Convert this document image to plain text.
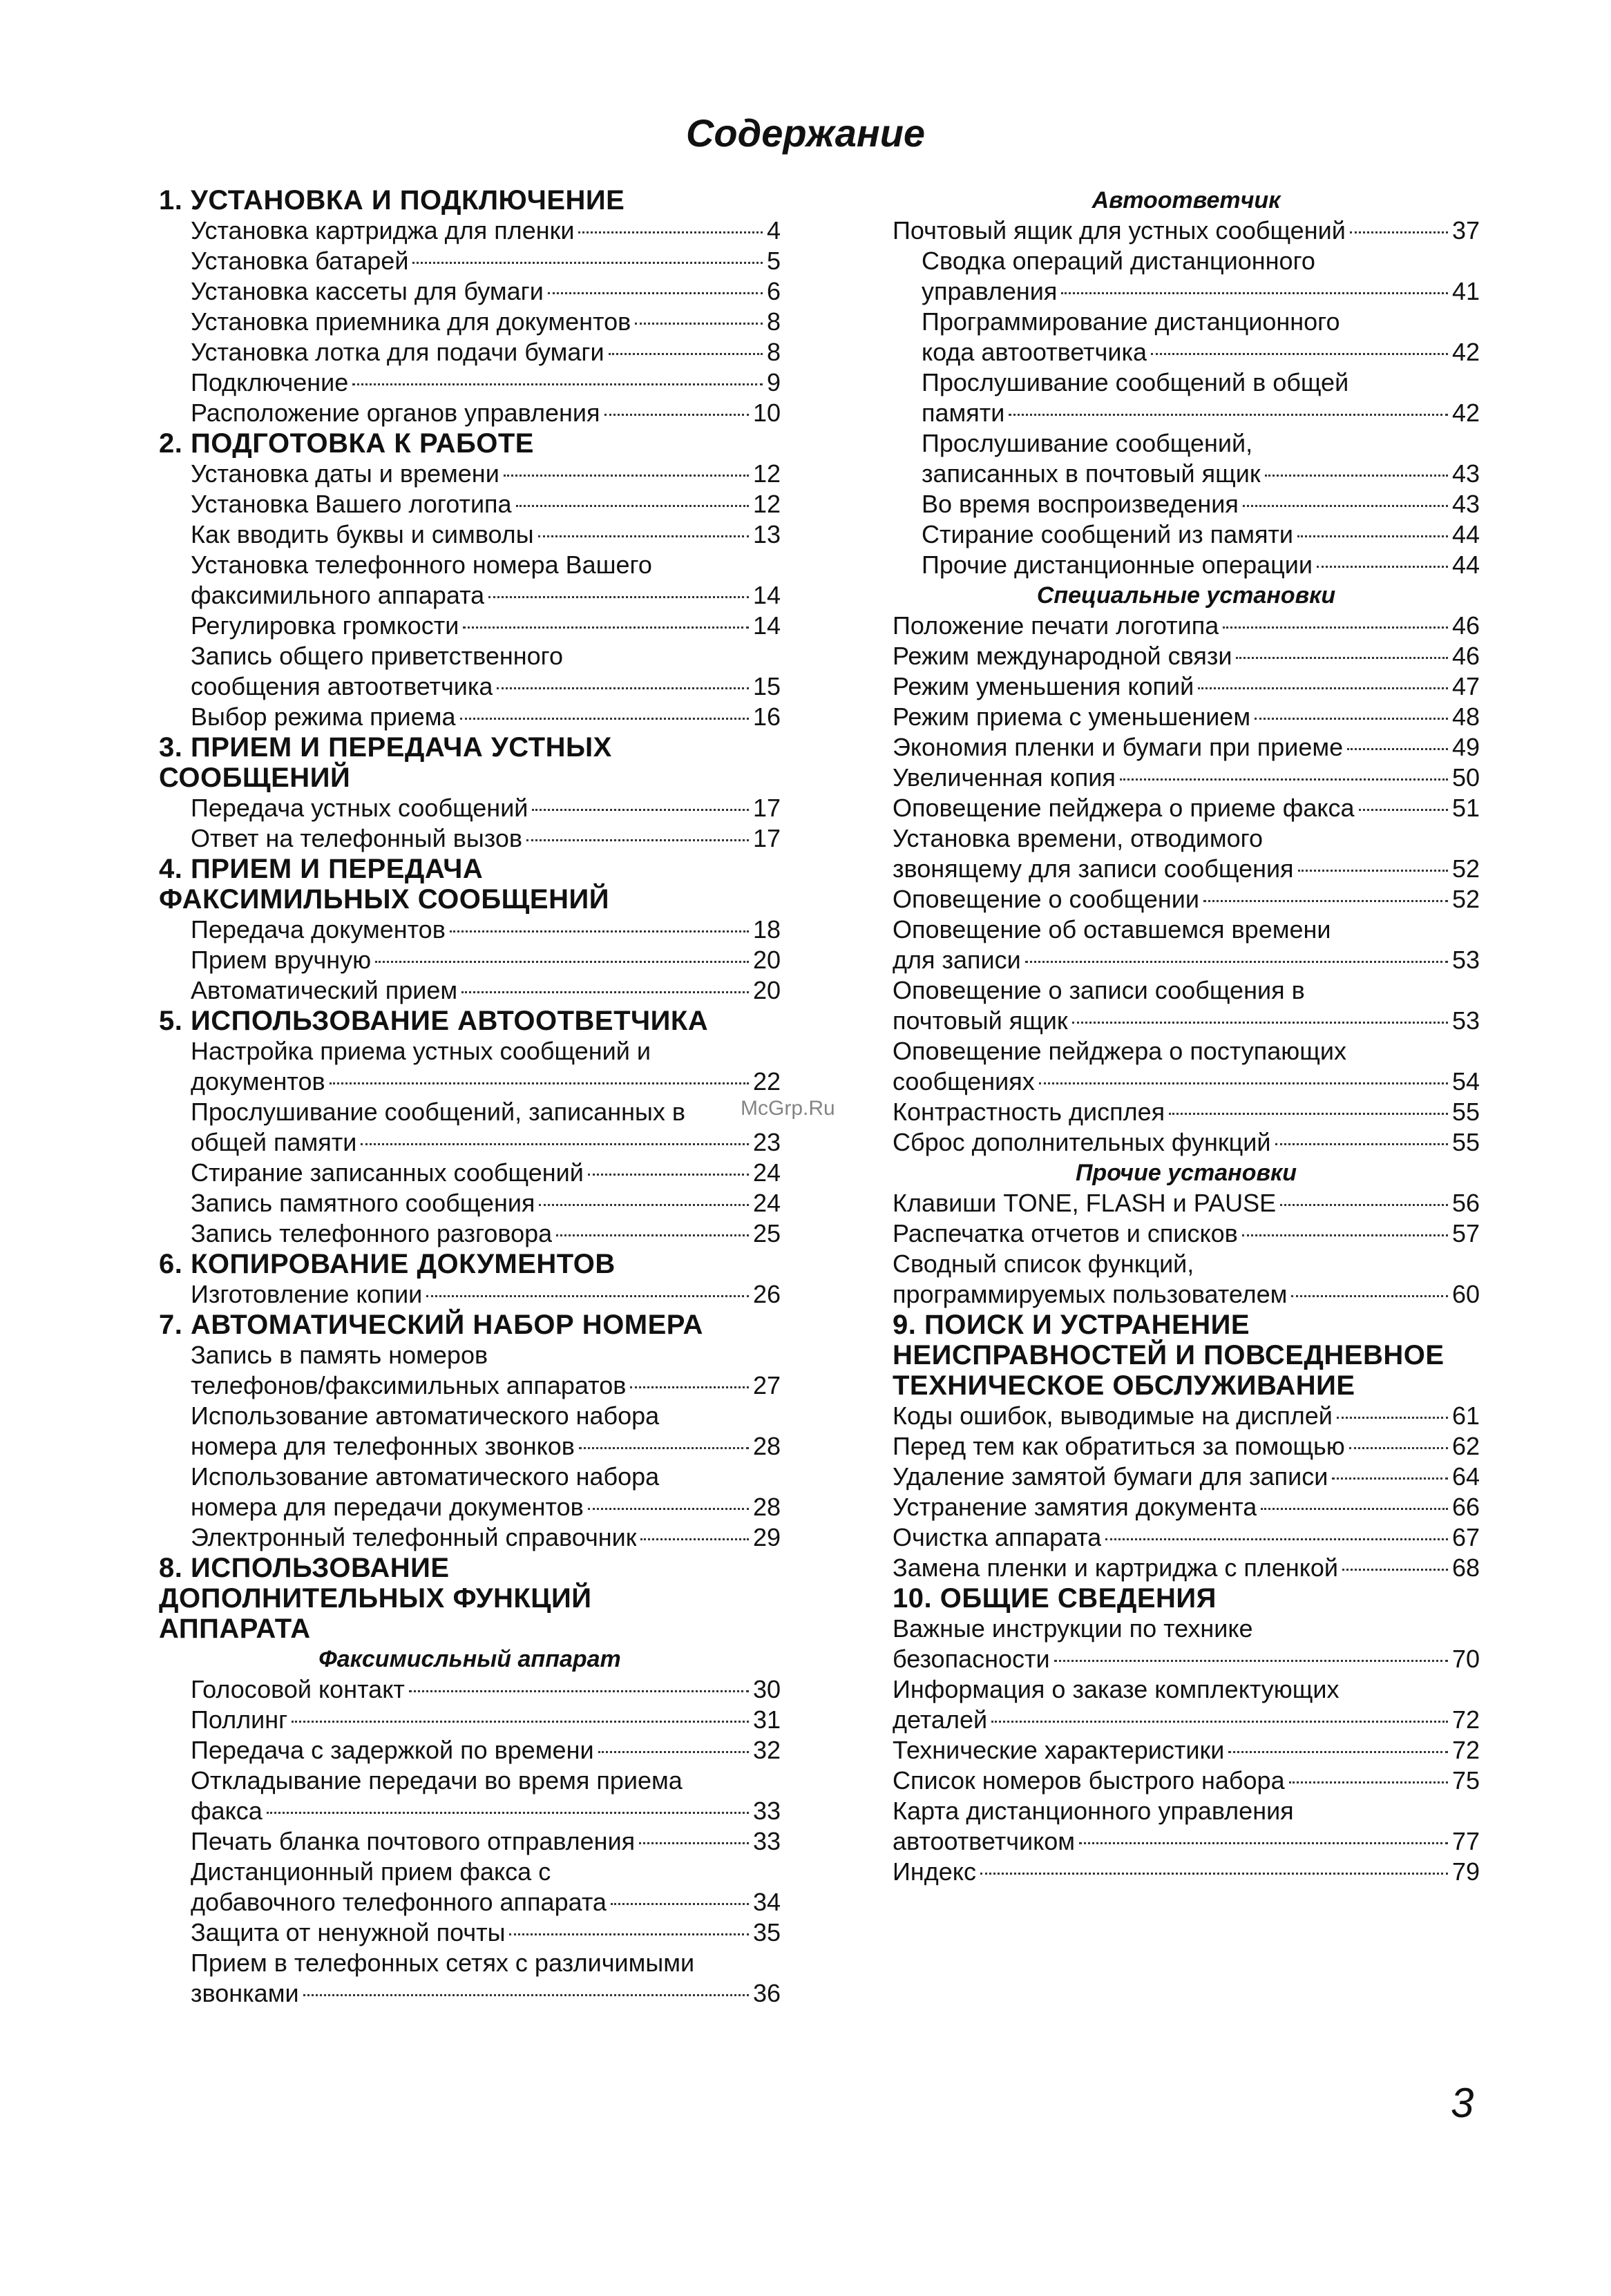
Содержание
1. УСТАНОВКА И ПОДКЛЮЧЕНИЕ
Установка картриджа для пленки	4
Установка батарей	5
Установка кассеты для бумаги	6
Установка приемника для документов	8
Установка лотка для подачи бумаги	8
Подключение	9
Расположение органов управления	10
2. ПОДГОТОВКА К РАБОТЕ
Установка даты и времени	12
Установка Вашего логотипа	12
Как вводить буквы и символы	13
Установка телефонного номера Вашего
факсимильного аппарата	14
Регулировка громкости	14
Запись общего приветственного
сообщения автоответчика	15
Выбор режима приема	16
3. ПРИЕМ И ПЕРЕДАЧА УСТНЫХ
СООБЩЕНИЙ
Передача устных сообщений	17
Ответ на телефонный вызов	17
4. ПРИЕМ И ПЕРЕДАЧА
ФАКСИМИЛЬНЫХ СООБЩЕНИЙ
Передача документов	18
Прием вручную	20
Автоматический прием	20
5. ИСПОЛЬЗОВАНИЕ АВТООТВЕТЧИКА
Настройка приема устных сообщений и
документов	22
Прослушивание сообщений, записанных в
общей памяти	23
Стирание записанных сообщений	24
Запись памятного сообщения	24
Запись телефонного разговора	25
6. КОПИРОВАНИЕ ДОКУМЕНТОВ
Изготовление копии	26
7. АВТОМАТИЧЕСКИЙ НАБОР НОМЕРА
Запись в память номеров
телефонов/факсимильных аппаратов	27
Использование автоматического набора
номера для телефонных звонков	28
Использование автоматического набора
номера для передачи документов	28
Электронный телефонный справочник	29
8. ИСПОЛЬЗОВАНИЕ
ДОПОЛНИТЕЛЬНЫХ ФУНКЦИЙ
АППАРАТА
Факсимисльный аппарат
Голосовой контакт	30
Поллинг	31
Передача с задержкой по времени	32
Откладывание передачи во время приема
факса	33
Печать бланка почтового отправления	33
Дистанционный прием факса с
добавочного телефонного аппарата	34
Защита от ненужной почты	35
Прием в телефонных сетях с различимыми
звонками	36
Автоответчик
Почтовый ящик для устных сообщений	37
Сводка операций дистанционного
управления	41
Программирование дистанционного
кода автоответчика	42
Прослушивание сообщений в общей
памяти	42
Прослушивание сообщений,
записанных в почтовый ящик	43
Во время воспроизведения	43
Стирание сообщений из памяти	44
Прочие дистанционные операции	44
Специальные установки
Положение печати логотипа	46
Режим международной связи	46
Режим уменьшения копий	47
Режим приема с уменьшением	48
Экономия пленки и бумаги при приеме	49
Увеличенная копия	50
Оповещение пейджера о приеме факса	51
Установка времени, отводимого
звонящему для записи сообщения	52
Оповещение о сообщении	52
Оповещение об оставшемся времени
для записи	53
Оповещение о записи сообщения в
почтовый ящик	53
Оповещение пейджера о поступающих
сообщениях	54
Контрастность дисплея	55
Сброс дополнительных функций	55
Прочие установки
Клавиши TONE, FLASH и PAUSE	56
Распечатка отчетов и списков	57
Сводный список функций,
программируемых пользователем	60
9. ПОИСК И УСТРАНЕНИЕ
НЕИСПРАВНОСТЕЙ И ПОВСЕДНЕВНОЕ
ТЕХНИЧЕСКОЕ ОБСЛУЖИВАНИЕ
Коды ошибок, выводимые на дисплей	61
Перед тем как обратиться за помощью	62
Удаление замятой бумаги для записи	64
Устранение замятия документа	66
Очистка аппарата	67
Замена пленки и картриджа с пленкой	68
10. ОБЩИЕ СВЕДЕНИЯ
Важные инструкции по технике
безопасности	70
Информация о заказе комплектующих
деталей	72
Технические характеристики	72
Список номеров быстрого набора	75
Карта дистанционного управления
автоответчиком	77
Индекс	79
McGrp.Ru
3
